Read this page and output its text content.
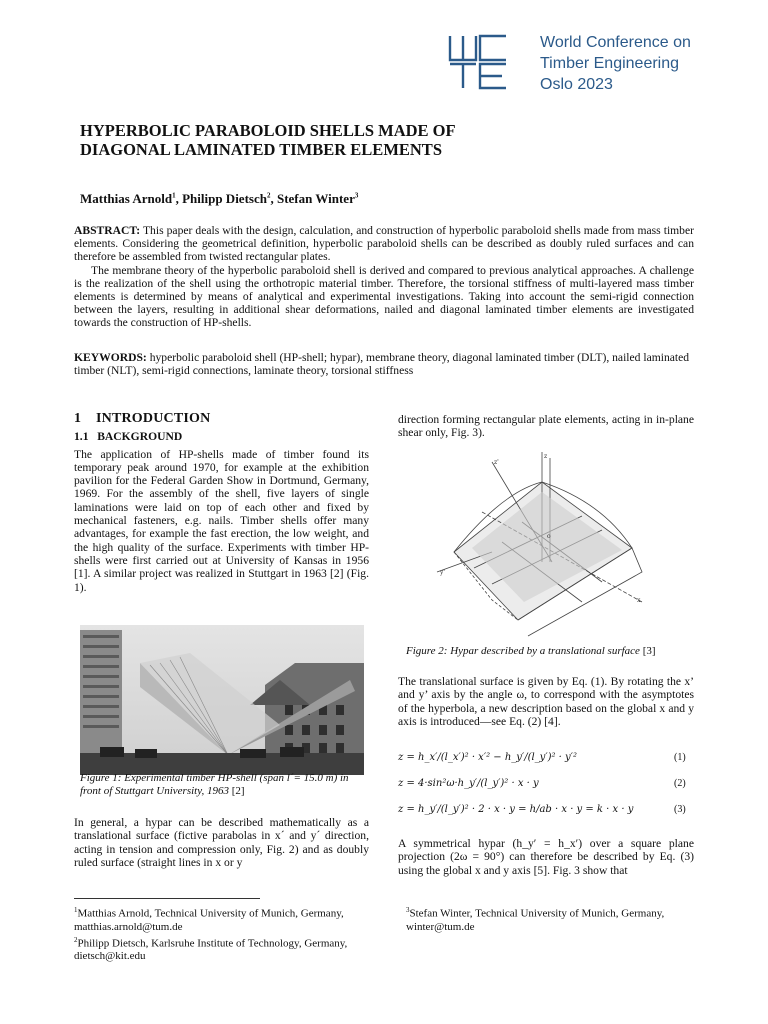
World Conference on
Timber Engineering
Oslo 2023
HYPERBOLIC PARABOLOID SHELLS MADE OF
DIAGONAL LAMINATED TIMBER ELEMENTS
Matthias Arnold$^1$, Philipp Dietsch$^2$, Stefan Winter$^3$

ABSTRACT: This paper deals with the design, calculation, and construction of hyperbolic paraboloid shells made from mass timber elements. Considering the geometrical definition, hyperbolic paraboloid shells can be described as doubly ruled surfaces and can therefore be assembled from twisted rectangular plates.

The membrane theory of the hyperbolic paraboloid shell is derived and compared to previous analytical approaches. A challenge is the realization of the shell using the orthotropic material timber. Therefore, the torsional stiffness of multi-layered mass timber elements is determined by means of analytical and experimental investigations. Taking into account the semi-rigid connection between the layers, resulting in additional shear deformations, nailed and diagonal laminated timber elements are investigated towards the construction of HP-shells.

KEYWORDS: hyperbolic paraboloid shell (HP-shell; hypar), membrane theory, diagonal laminated timber (DLT), nailed laminated timber (NLT), semi-rigid connections, laminate theory, torsional stiffness
1    INTRODUCTION
1.1   BACKGROUND

The application of HP-shells made of timber found its temporary peak around 1970, for example at the exhibition pavilion for the Federal Garden Show in Dortmund, Germany, 1969. For the assembly of the shell, five layers of single laminations were laid on top of each other and fixed by mechanical fasteners, e.g. nails. Timber shells offer many advantages, for example the fast erection, the low weight, and the high quality of the surface. Experiments with timber HP-shells were first carried out at University of Kansas in 1956 [1]. A similar project was realized in Stuttgart in 1963 [2] (Fig. 1).

Figure 1: Experimental timber HP-shell (span l´= 15.0 m) in front of Stuttgart University, 1963 [2]
In general, a hypar can be described mathematically as a translational surface (fictive parabolas in x´ and y´ direction, acting in tension and compression only, Fig. 2) and as doubly ruled surface (straight lines in x or y
direction forming rectangular plate elements, acting in in-plane shear only, Fig. 3).
z
z'
y'
x
o
Figure 2: Hypar described by a translational surface [3]
The translational surface is given by Eq. (1). By rotating the x’ and y’ axis by the angle ω, to correspond with the asymptotes of the hyperbola, a new description based on the global x and y axis is introduced—see Eq. (2) [4].
z = h_x′/(l_x′)² · x′² − h_y′/(l_y′)² · y′²	(1)
z = 4·sin²ω·h_y′/(l_y′)² · x · y	(2)
z = h_y′/(l_y′)² · 2 · x · y = h/ab · x · y = k · x · y	(3)
A symmetrical hypar (h_y′ = h_x′) over a square plane projection (2ω = 90°) can therefore be described by Eq. (3) using the global x and y axis [5]. Fig. 3 show that
$^1$Matthias Arnold, Technical University of Munich, Germany, matthias.arnold@tum.de
$^2$Philipp Dietsch, Karlsruhe Institute of Technology, Germany, dietsch@kit.edu
$^3$Stefan Winter, Technical University of Munich, Germany, winter@tum.de
